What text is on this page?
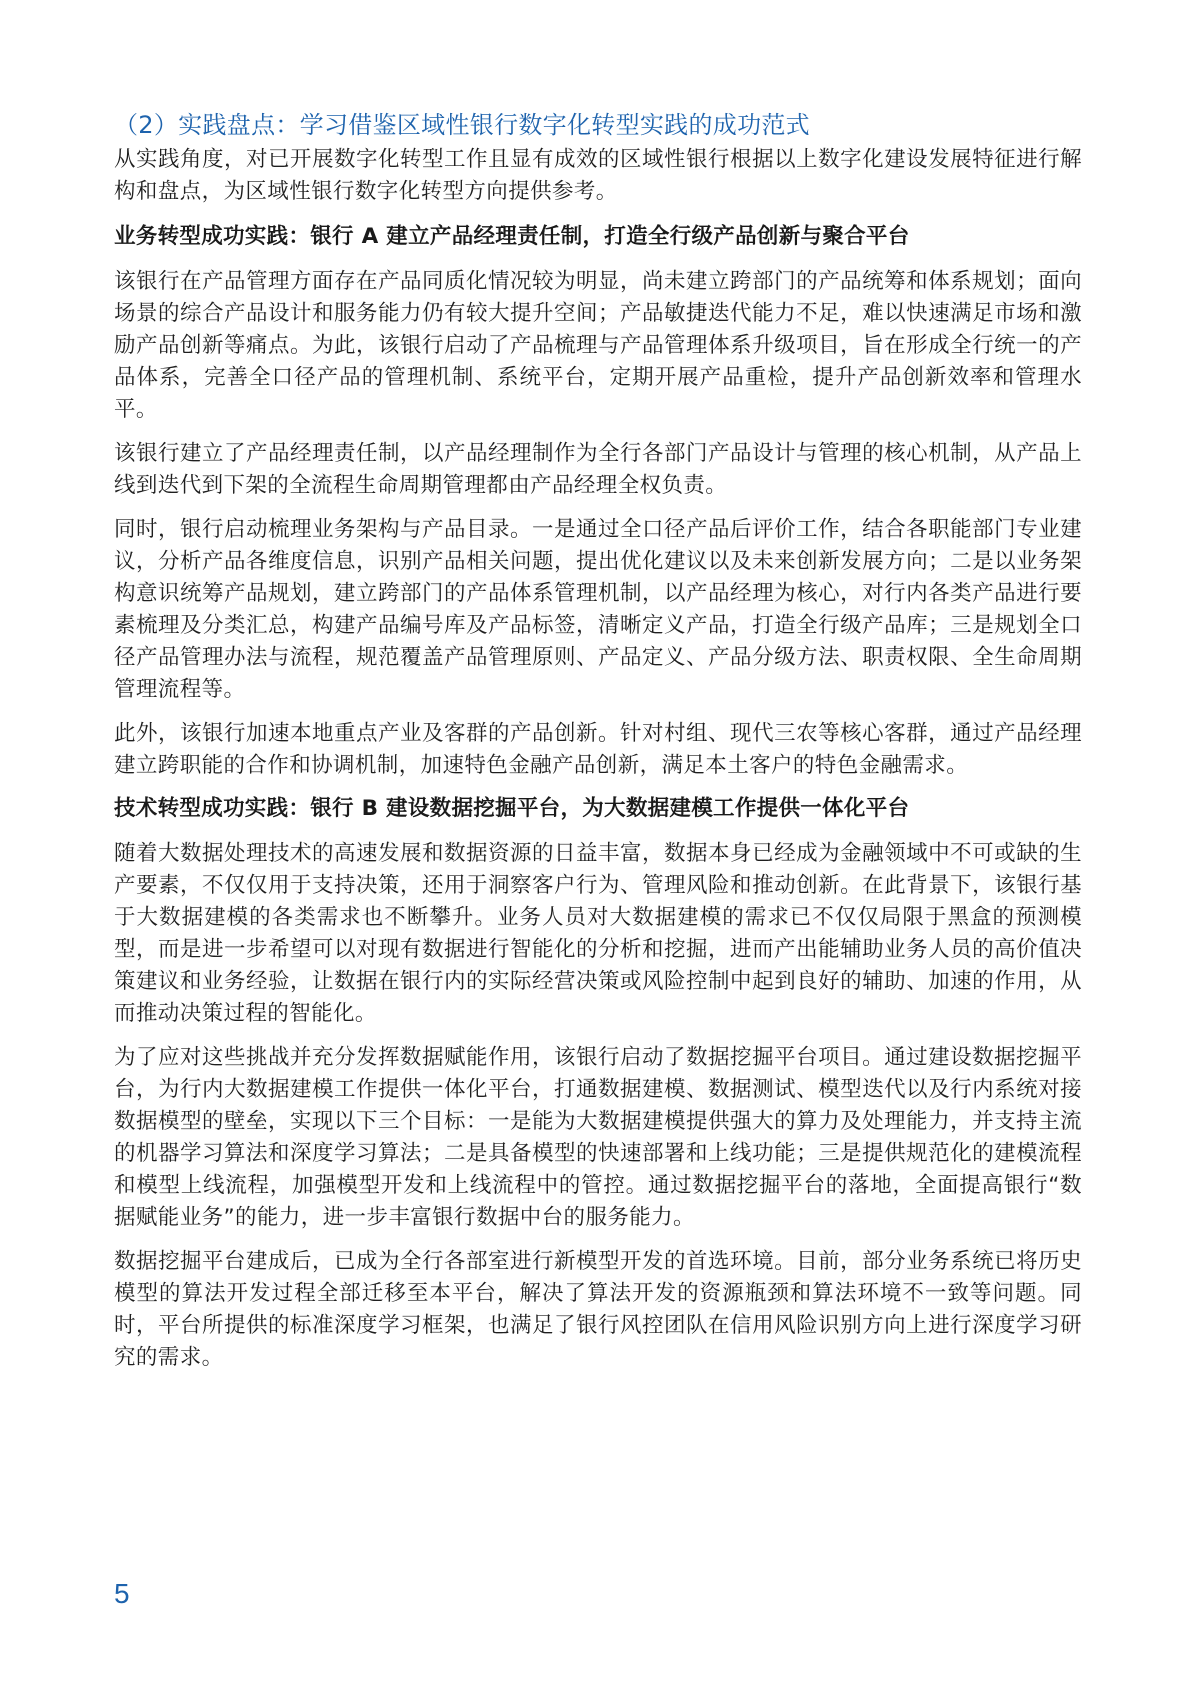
（2）实践盘点：学习借鉴区域性银行数字化转型实践的成功范式

从实践角度，对已开展数字化转型工作且显有成效的区域性银行根据以上数字化建设发展特征进行解构和盘点，为区域性银行数字化转型方向提供参考。

业务转型成功实践：银行 A 建立产品经理责任制，打造全行级产品创新与聚合平台

该银行在产品管理方面存在产品同质化情况较为明显，尚未建立跨部门的产品统筹和体系规划；面向场景的综合产品设计和服务能力仍有较大提升空间；产品敏捷迭代能力不足，难以快速满足市场和激励产品创新等痛点。为此，该银行启动了产品梳理与产品管理体系升级项目，旨在形成全行统一的产品体系，完善全口径产品的管理机制、系统平台，定期开展产品重检，提升产品创新效率和管理水平。

该银行建立了产品经理责任制，以产品经理制作为全行各部门产品设计与管理的核心机制，从产品上线到迭代到下架的全流程生命周期管理都由产品经理全权负责。

同时，银行启动梳理业务架构与产品目录。一是通过全口径产品后评价工作，结合各职能部门专业建议，分析产品各维度信息，识别产品相关问题，提出优化建议以及未来创新发展方向；二是以业务架构意识统筹产品规划，建立跨部门的产品体系管理机制，以产品经理为核心，对行内各类产品进行要素梳理及分类汇总，构建产品编号库及产品标签，清晰定义产品，打造全行级产品库；三是规划全口径产品管理办法与流程，规范覆盖产品管理原则、产品定义、产品分级方法、职责权限、全生命周期管理流程等。

此外，该银行加速本地重点产业及客群的产品创新。针对村组、现代三农等核心客群，通过产品经理建立跨职能的合作和协调机制，加速特色金融产品创新，满足本土客户的特色金融需求。

技术转型成功实践：银行 B 建设数据挖掘平台，为大数据建模工作提供一体化平台

随着大数据处理技术的高速发展和数据资源的日益丰富，数据本身已经成为金融领域中不可或缺的生产要素，不仅仅用于支持决策，还用于洞察客户行为、管理风险和推动创新。在此背景下，该银行基于大数据建模的各类需求也不断攀升。业务人员对大数据建模的需求已不仅仅局限于黑盒的预测模型，而是进一步希望可以对现有数据进行智能化的分析和挖掘，进而产出能辅助业务人员的高价值决策建议和业务经验，让数据在银行内的实际经营决策或风险控制中起到良好的辅助、加速的作用，从而推动决策过程的智能化。

为了应对这些挑战并充分发挥数据赋能作用，该银行启动了数据挖掘平台项目。通过建设数据挖掘平台，为行内大数据建模工作提供一体化平台，打通数据建模、数据测试、模型迭代以及行内系统对接数据模型的壁垒，实现以下三个目标：一是能为大数据建模提供强大的算力及处理能力，并支持主流的机器学习算法和深度学习算法；二是具备模型的快速部署和上线功能；三是提供规范化的建模流程和模型上线流程，加强模型开发和上线流程中的管控。通过数据挖掘平台的落地，全面提高银行“数据赋能业务”的能力，进一步丰富银行数据中台的服务能力。

数据挖掘平台建成后，已成为全行各部室进行新模型开发的首选环境。目前，部分业务系统已将历史模型的算法开发过程全部迁移至本平台，解决了算法开发的资源瓶颈和算法环境不一致等问题。同时，平台所提供的标准深度学习框架，也满足了银行风控团队在信用风险识别方向上进行深度学习研究的需求。

5
